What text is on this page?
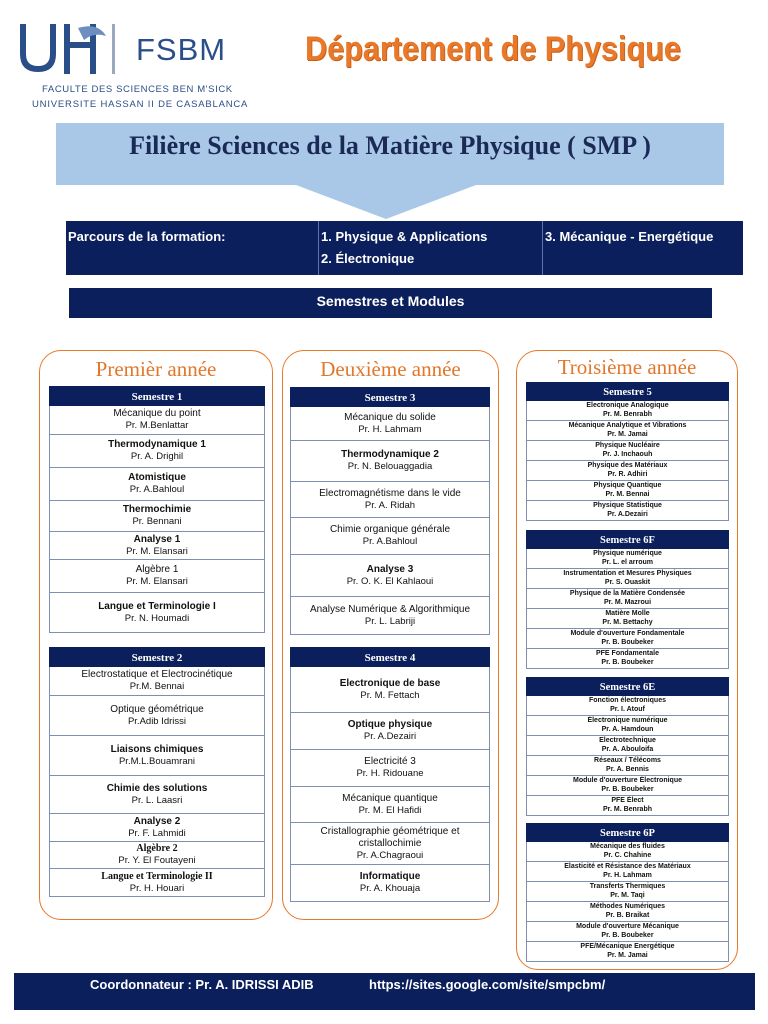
FSBM
FACULTE DES SCIENCES BEN M'SICK
UNIVERSITE HASSAN II DE CASABLANCA
Département de Physique
Filière Sciences de la Matière Physique ( SMP )
Parcours de la formation:	1. Physique & Applications
2. Électronique
3. Mécanique - Energétique
Semestres et Modules
Premièr année
Semestre 1
Mécanique du point
Pr. M.Benlattar
Thermodynamique 1
Pr. A. Drighil
Atomistique
Pr. A.Bahloul
Thermochimie
Pr. Bennani
Analyse 1
Pr. M. Elansari
Algèbre 1
Pr. M. Elansari
Langue et Terminologie I
Pr. N. Houmadi
Semestre 2
Electrostatique et Electrocinétique
Pr.M. Bennai
Optique géométrique
Pr.Adib Idrissi
Liaisons chimiques
Pr.M.L.Bouamrani
Chimie des solutions
Pr. L. Laasri
Analyse 2
Pr. F. Lahmidi
Algèbre 2
Pr. Y. El Foutayeni
Langue et Terminologie II
Pr. H. Houari
Deuxième année
Semestre 3
Mécanique du solide
Pr. H. Lahmam
Thermodynamique 2
Pr. N. Belouaggadia
Electromagnétisme dans le vide
Pr. A. Ridah
Chimie organique générale
Pr. A.Bahloul
Analyse 3
Pr. O. K. El Kahlaoui
Analyse Numérique & Algorithmique
Pr. L. Labriji
Semestre 4
Electronique de base
Pr. M. Fettach
Optique physique
Pr. A.Dezairi
Electricité 3
Pr. H. Ridouane
Mécanique quantique
Pr. M. El Hafidi
Cristallographie géométrique et cristallochimie
Pr. A.Chagraoui
Informatique
Pr. A. Khouaja
Troisième année
Semestre 5
Electronique Analogique
Pr. M. Benrabh
Mécanique Analytique et Vibrations
Pr. M. Jamai
Physique Nucléaire
Pr. J. Inchaouh
Physique des Matériaux
Pr. R. Adhiri
Physique Quantique
Pr. M. Bennai
Physique Statistique
Pr. A.Dezairi
Semestre 6F
Physique numérique
Pr. L. el arroum
Instrumentation et Mesures Physiques
Pr. S. Ouaskit
Physique de la Matière Condensée
Pr. M. Mazroui
Matière Molle
Pr. M. Bettachy
Module d'ouverture Fondamentale
Pr. B. Boubeker
PFE Fondamentale
Pr. B. Boubeker
Semestre 6E
Fonction électroniques
Pr. I. Atouf
Électronique numérique
Pr. A. Hamdoun
Electrotechnique
Pr. A. Abouloifa
Réseaux / Télécoms
Pr. A. Bennis
Module d'ouverture Électronique
Pr. B. Boubeker
PFE Élect
Pr. M. Benrabh
Semestre 6P
Mécanique des fluides
Pr. C. Chahine
Elasticité et Résistance des Matériaux
Pr. H. Lahmam
Transferts Thermiques
Pr. M. Taqi
Méthodes Numériques
Pr. B. Braikat
Module d'ouverture Mécanique
Pr. B. Boubeker
PFE/Mécanique Energétique
Pr. M. Jamai
Coordonnateur : Pr. A. IDRISSI ADIB	https://sites.google.com/site/smpcbm/
